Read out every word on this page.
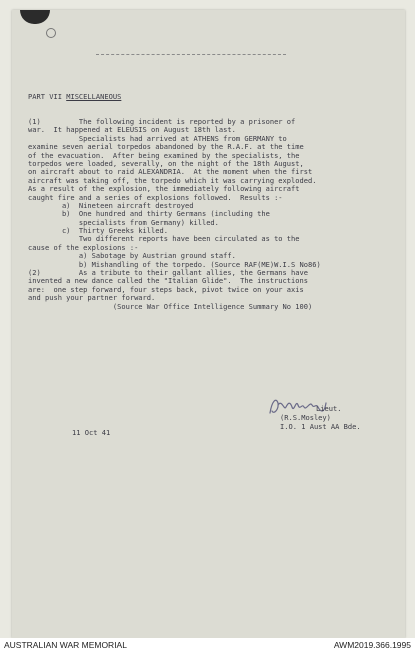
PART VII MISCELLANEOUS

(1)         The following incident is reported by a prisoner of
war.  It happened at ELEUSIS on August 18th last.
Specialists had arrived at ATHENS from GERMANY to
examine seven aerial torpedos abandoned by the R.A.F. at the time
of the evacuation.  After being examined by the specialists, the
torpedos were loaded, severally, on the night of the 18th August,
on aircraft about to raid ALEXANDRIA.  At the moment when the first
aircraft was taking off, the torpedo which it was carrying exploded.
As a result of the explosion, the immediately following aircraft
caught fire and a series of explosions followed.  Results :-
a)  Nineteen aircraft destroyed
b)  One hundred and thirty Germans (including the
specialists from Germany) killed.
c)  Thirty Greeks killed.
Two different reports have been circulated as to the
cause of the explosions :-
a) Sabotage by Austrian ground staff.
b) Mishandling of the torpedo. (Source RAF(ME)W.I.S No86)
(2)         As a tribute to their gallant allies, the Germans have
invented a new dance called the "Italian Glide".  The instructions
are:  one step forward, four steps back, pivot twice on your axis
and push your partner forward.
(Source War Office Intelligence Summary No 100)

Lieut.
(R.S.Mosley)
I.O. 1 Aust AA Bde.
11 Oct 41
AUSTRALIAN WAR MEMORIAL	AWM2019.366.1995
